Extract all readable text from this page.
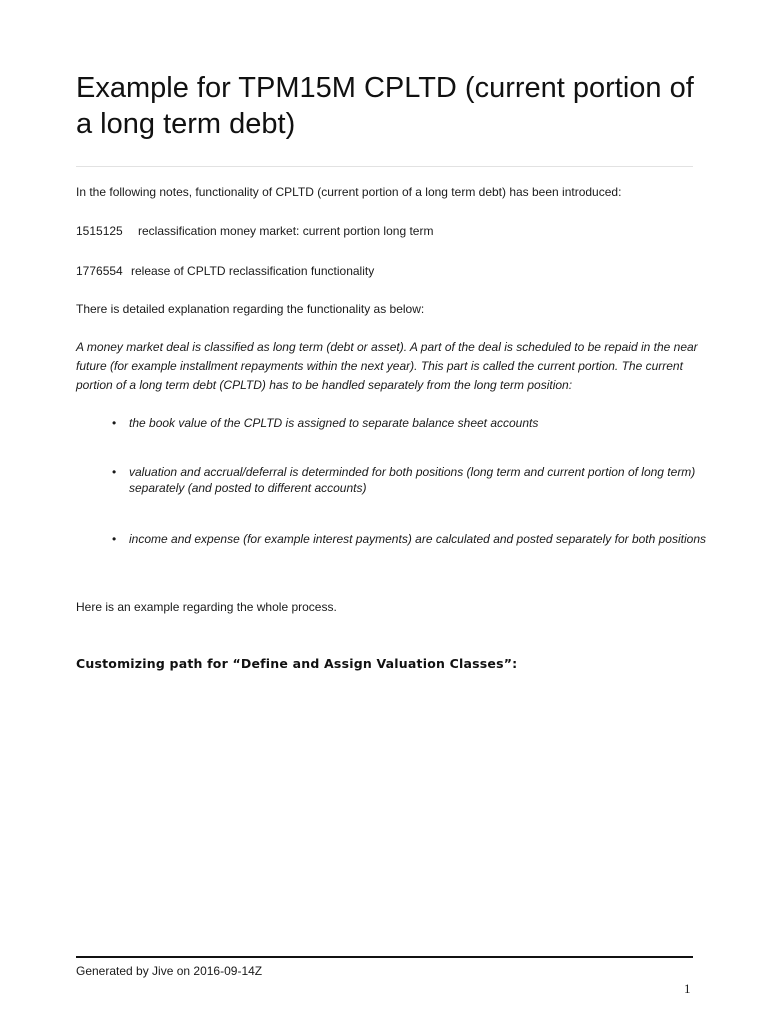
Example for TPM15M CPLTD (current portion of a long term debt)

In the following notes, functionality of CPLTD (current portion of a long term debt) has been introduced:

1515125 reclassification money market: current portion long term

1776554 release of CPLTD reclassification functionality

There is detailed explanation regarding the functionality as below:

A money market deal is classified as long term (debt or asset). A part of the deal is scheduled to be repaid in the near future (for example installment repayments within the next year). This part is called the current portion. The current portion of a long term debt (CPLTD) has to be handled separately from the long term position:

• the book value of the CPLTD is assigned to separate balance sheet accounts
• valuation and accrual/deferral is determinded for both positions (long term and current portion of long term) separately (and posted to different accounts)
• income and expense (for example interest payments) are calculated and posted separately for both positions

Here is an example regarding the whole process.

Customizing path for “Define and Assign Valuation Classes”:

Generated by Jive on 2016-09-14Z

1
